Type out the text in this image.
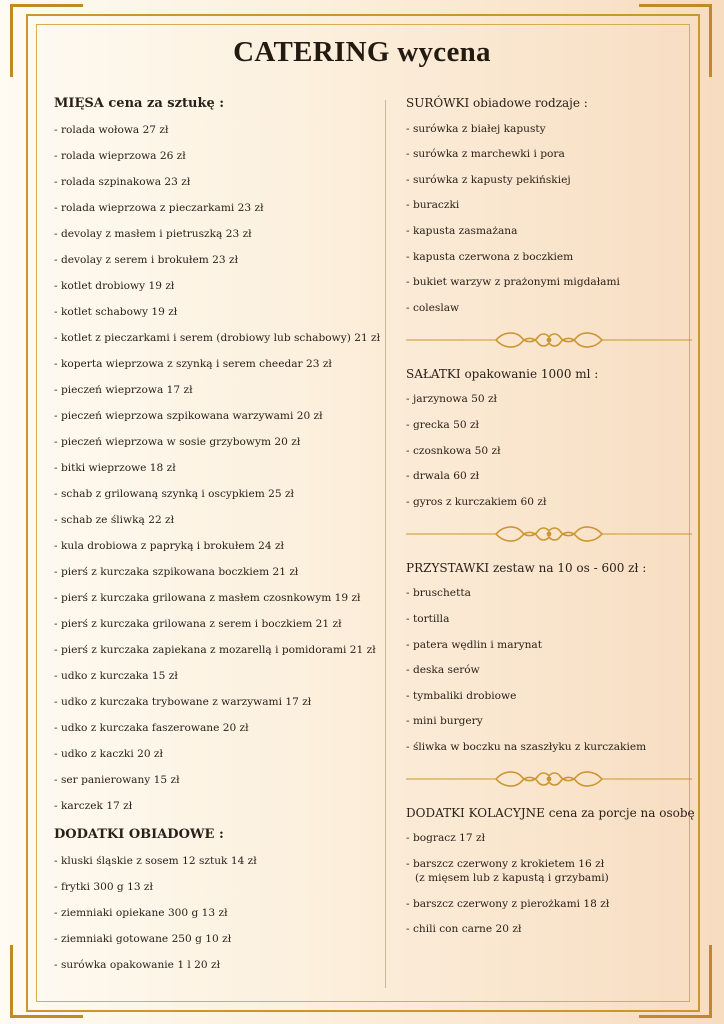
CATERING wycena
MIĘSA cena za sztukę :
- rolada wołowa 27 zł
- rolada wieprzowa 26 zł
- rolada szpinakowa 23 zł
- rolada wieprzowa z pieczarkami 23 zł
- devolay z masłem i pietruszką 23 zł
- devolay z serem i brokułem 23 zł
- kotlet drobiowy 19 zł
- kotlet schabowy 19 zł
- kotlet z pieczarkami i serem (drobiowy lub schabowy) 21 zł
- koperta wieprzowa z szynką i serem cheedar 23 zł
- pieczeń wieprzowa 17 zł
- pieczeń wieprzowa szpikowana warzywami 20 zł
- pieczeń wieprzowa w sosie grzybowym 20 zł
- bitki wieprzowe 18 zł
- schab z grilowaną szynką i oscypkiem 25 zł
- schab ze śliwką 22 zł
- kula drobiowa z papryką i brokułem 24 zł
- pierś z kurczaka szpikowana boczkiem 21 zł
- pierś z kurczaka grilowana z masłem czosnkowym 19 zł
- pierś z kurczaka grilowana z serem i boczkiem 21 zł
- pierś z kurczaka zapiekana z mozarellą i pomidorami 21 zł
- udko z kurczaka 15 zł
- udko z kurczaka trybowane z warzywami 17 zł
- udko z kurczaka faszerowane 20 zł
- udko z kaczki 20 zł
- ser panierowany 15 zł
- karczek 17 zł
DODATKI OBIADOWE :
- kluski śląskie z sosem 12 sztuk 14 zł
- frytki 300 g 13 zł
- ziemniaki opiekane 300 g 13 zł
- ziemniaki gotowane 250 g 10 zł
- surówka opakowanie 1 l 20 zł
SURÓWKI obiadowe rodzaje :
- surówka z białej kapusty
- surówka z marchewki i pora
- surówka z kapusty pekińskiej
- buraczki
- kapusta zasmażana
- kapusta czerwona z boczkiem
- bukiet warzyw z prażonymi migdałami
- coleslaw
SAŁATKI opakowanie 1000 ml :
- jarzynowa 50 zł
- grecka 50 zł
- czosnkowa 50 zł
- drwala 60 zł
- gyros z kurczakiem 60 zł
PRZYSTAWKI zestaw na 10 os - 600 zł :
- bruschetta
- tortilla
- patera wędlin i marynat
- deska serów
- tymbaliki drobiowe
- mini burgery
- śliwka w boczku na szaszłyku z kurczakiem
DODATKI KOLACYJNE cena za porcje na osobę
- bogracz 17 zł
- barszcz czerwony z krokietem 16 zł
(z mięsem lub z kapustą i grzybami)
- barszcz czerwony z pierożkami 18 zł
- chili con carne 20 zł
